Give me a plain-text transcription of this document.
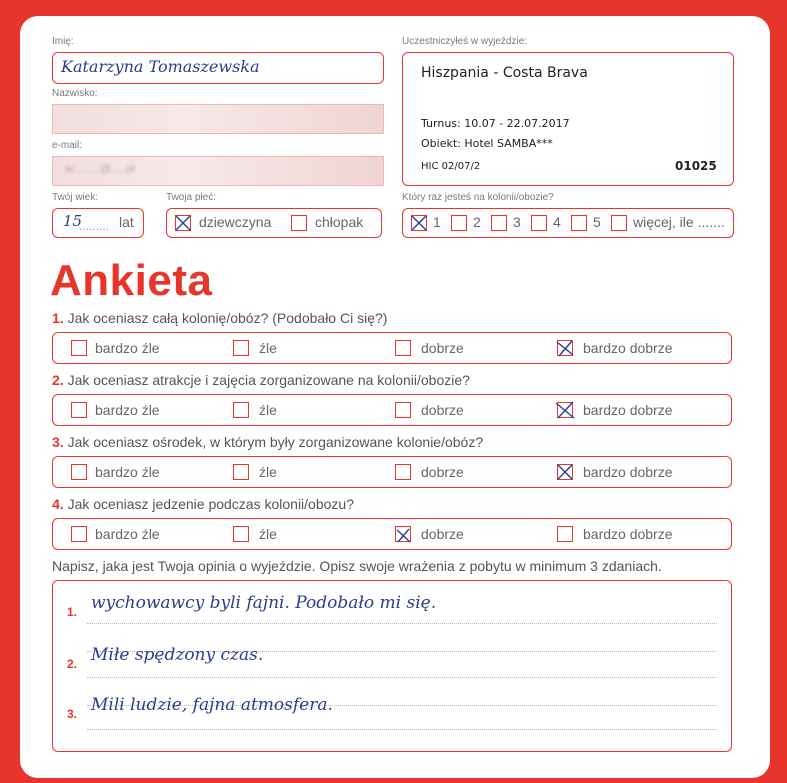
Imię:
Katarzyna Tomaszewska
Nazwisko:
e-mail:
w.........@.....pl
Twój wiek:
15
......... lat
Twoja płeć:
dziewczyna	chłopak
Uczestniczyłeś w wyjeździe:
Hiszpania - Costa Brava
Turnus: 10.07 - 22.07.2017
Obiekt: Hotel SAMBA***
HIC 02/07/2	01025
Który raz jesteś na kolonii/obozie?
1 2 3 4 5 więcej, ile .......
Ankieta
1. Jak oceniasz całą kolonię/obóz? (Podobało Ci się?)
bardzo źle	źle	dobrze	bardzo dobrze
2. Jak oceniasz atrakcje i zajęcia zorganizowane na kolonii/obozie?
bardzo źle	źle	dobrze	bardzo dobrze
3. Jak oceniasz ośrodek, w którym były zorganizowane kolonie/obóz?
bardzo źle	źle	dobrze	bardzo dobrze
4. Jak oceniasz jedzenie podczas kolonii/obozu?
bardzo źle	źle	dobrze	bardzo dobrze
Napisz, jaka jest Twoja opinia o wyjeździe. Opisz swoje wrażenia z pobytu w minimum 3 zdaniach.
1. wychowawcy byli fajni. Podobało mi się.
2. Miłe spędzony czas.
3. Mili ludzie, fajna atmosfera.
